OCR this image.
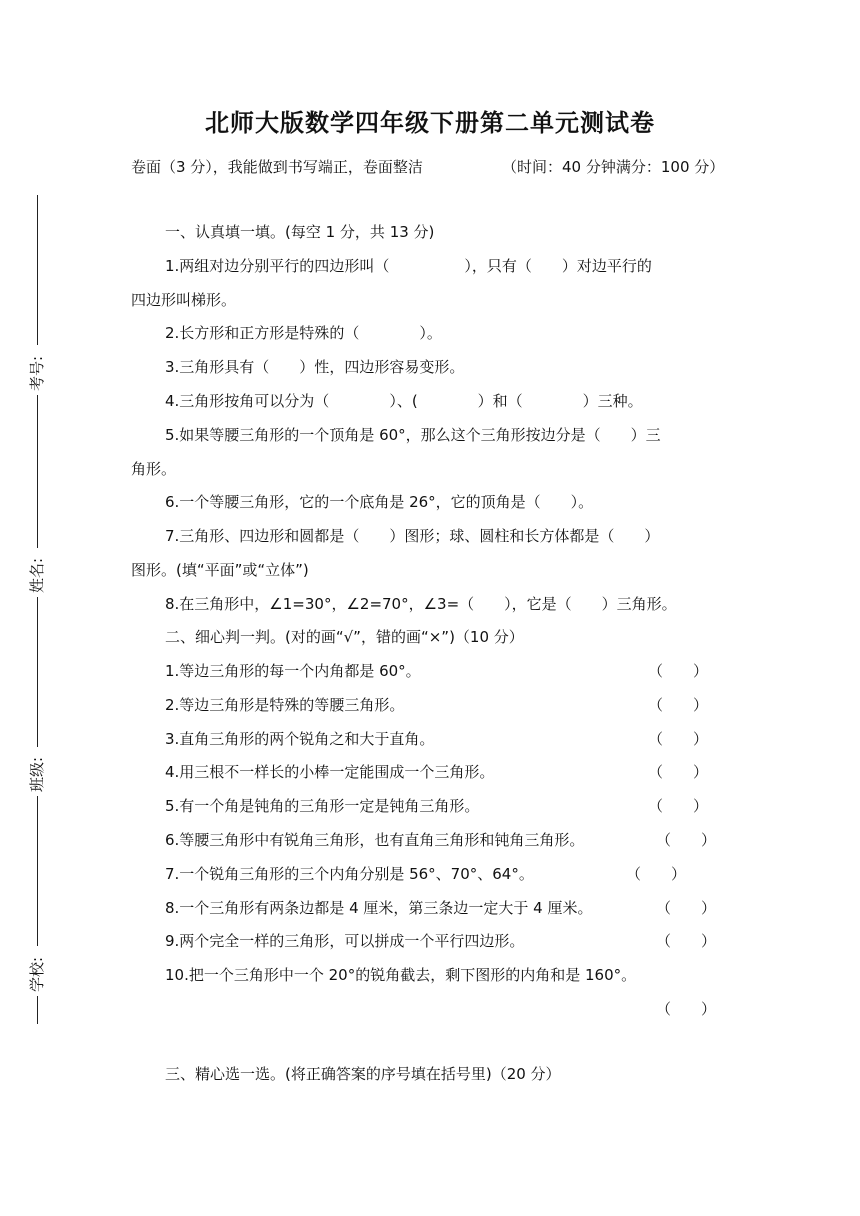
考号:
姓名:
班级:
学校:
北师大版数学四年级下册第二单元测试卷
卷面（3 分），我能做到书写端正，卷面整洁	（时间：40 分钟满分：100 分）
一、认真填一填。(每空 1 分，共 13 分)
1.两组对边分别平行的四边形叫（　　　　　），只有（　　）对边平行的
四边形叫梯形。
2.长方形和正方形是特殊的（　　　　）。
3.三角形具有（　　）性，四边形容易变形。
4.三角形按角可以分为（　　　　）、(　　　　）和（　　　　）三种。
5.如果等腰三角形的一个顶角是 60°，那么这个三角形按边分是（　　）三
角形。
6.一个等腰三角形，它的一个底角是 26°，它的顶角是（　　）。
7.三角形、四边形和圆都是（　　）图形；球、圆柱和长方体都是（　　）
图形。(填“平面”或“立体”)
8.在三角形中，∠1=30°，∠2=70°，∠3=（　　），它是（　　）三角形。
二、细心判一判。(对的画“√”，错的画“×”)（10 分）
1.等边三角形的每一个内角都是 60°。	（　　）
2.等边三角形是特殊的等腰三角形。	（　　）
3.直角三角形的两个锐角之和大于直角。	（　　）
4.用三根不一样长的小棒一定能围成一个三角形。	（　　）
5.有一个角是钝角的三角形一定是钝角三角形。	（　　）
6.等腰三角形中有锐角三角形，也有直角三角形和钝角三角形。	（　　）
7.一个锐角三角形的三个内角分别是 56°、70°、64°。	（　　）
8.一个三角形有两条边都是 4 厘米，第三条边一定大于 4 厘米。	（　　）
9.两个完全一样的三角形，可以拼成一个平行四边形。	（　　）
10.把一个三角形中一个 20°的锐角截去，剩下图形的内角和是 160°。
（　　）
三、精心选一选。(将正确答案的序号填在括号里)（20 分）
